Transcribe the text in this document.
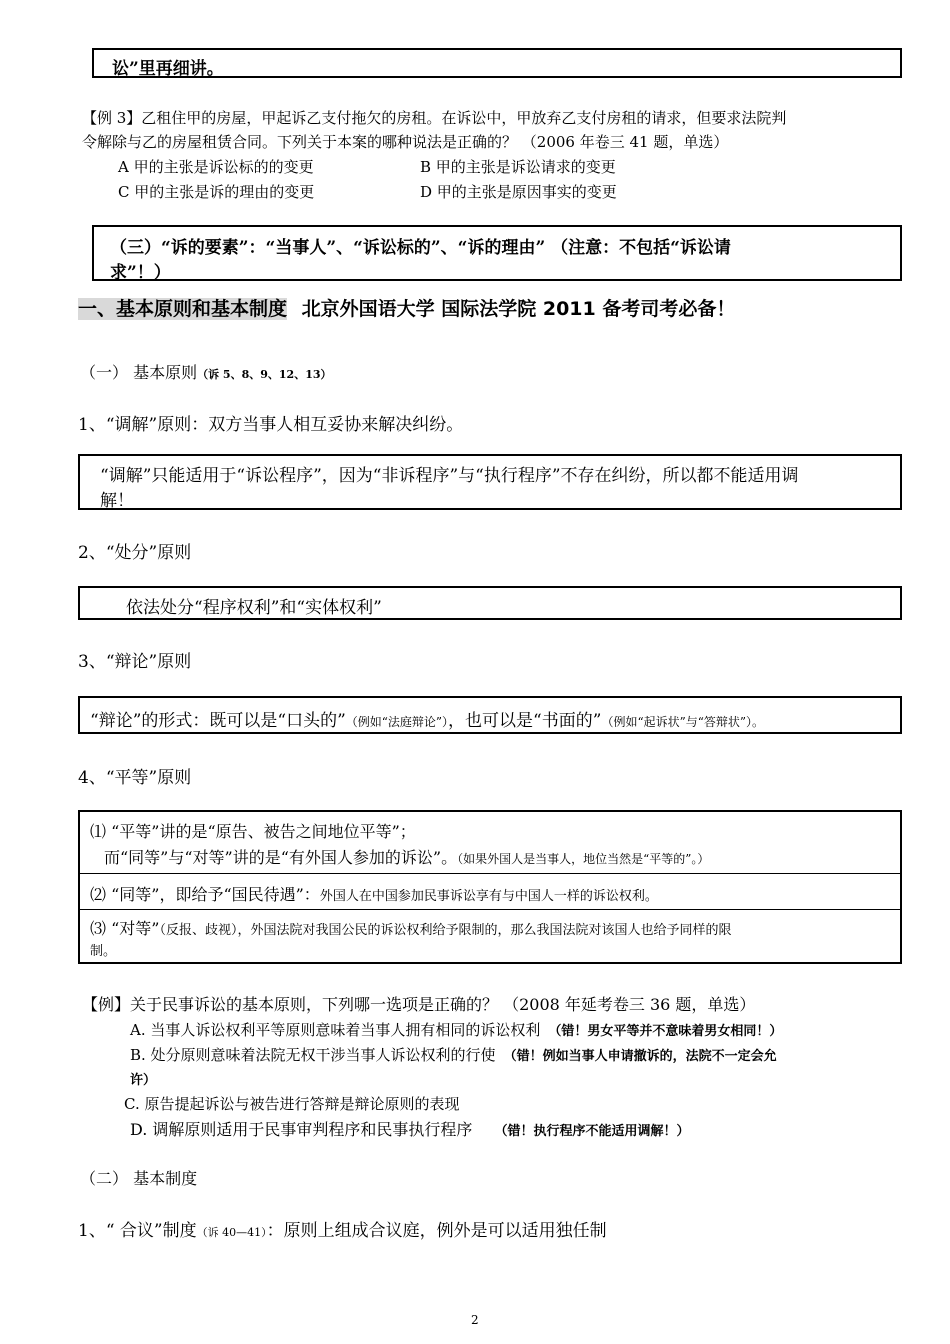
讼”里再细讲。
【例 3】乙租住甲的房屋，甲起诉乙支付拖欠的房租。在诉讼中，甲放弃乙支付房租的请求，但要求法院判
令解除与乙的房屋租赁合同。下列关于本案的哪种说法是正确的？ （2006 年卷三 41 题，单选）
A 甲的主张是诉讼标的的变更	B 甲的主张是诉讼请求的变更
C 甲的主张是诉的理由的变更	D 甲的主张是原因事实的变更
（三）“诉的要素”：“当事人”、“诉讼标的”、“诉的理由” （注意：不包括“诉讼请
求”！）
一、基本原则和基本制度 北京外国语大学 国际法学院 2011 备考司考必备！
（一） 基本原则（诉 5、8、9、12、13）
1、“调解”原则：双方当事人相互妥协来解决纠纷。
“调解”只能适用于“诉讼程序”，因为“非诉程序”与“执行程序”不存在纠纷，所以都不能适用调
解！
2、“处分”原则
依法处分“程序权利”和“实体权利”
3、“辩论”原则
“辩论”的形式：既可以是“口头的”（例如“法庭辩论”），也可以是“书面的”（例如“起诉状”与“答辩状”）。
4、“平等”原则
⑴ “平等”讲的是“原告、被告之间地位平等”；
而“同等”与“对等”讲的是“有外国人参加的诉讼”。（如果外国人是当事人，地位当然是“平等的”。）
⑵ “同等”，即给予“国民待遇”：外国人在中国参加民事诉讼享有与中国人一样的诉讼权利。
⑶ “对等”（反报、歧视），外国法院对我国公民的诉讼权利给予限制的，那么我国法院对该国人也给予同样的限
制。
【例】关于民事诉讼的基本原则，下列哪一选项是正确的？ （2008 年延考卷三 36 题，单选）
A. 当事人诉讼权利平等原则意味着当事人拥有相同的诉讼权利 （错！男女平等并不意味着男女相同！）
B. 处分原则意味着法院无权干涉当事人诉讼权利的行使 （错！例如当事人申请撤诉的，法院不一定会允
许）
C. 原告提起诉讼与被告进行答辩是辩论原则的表现
D. 调解原则适用于民事审判程序和民事执行程序 （错！执行程序不能适用调解！）
（二） 基本制度
1、“ 合议”制度（诉 40—41）：原则上组成合议庭，例外是可以适用独任制
2
